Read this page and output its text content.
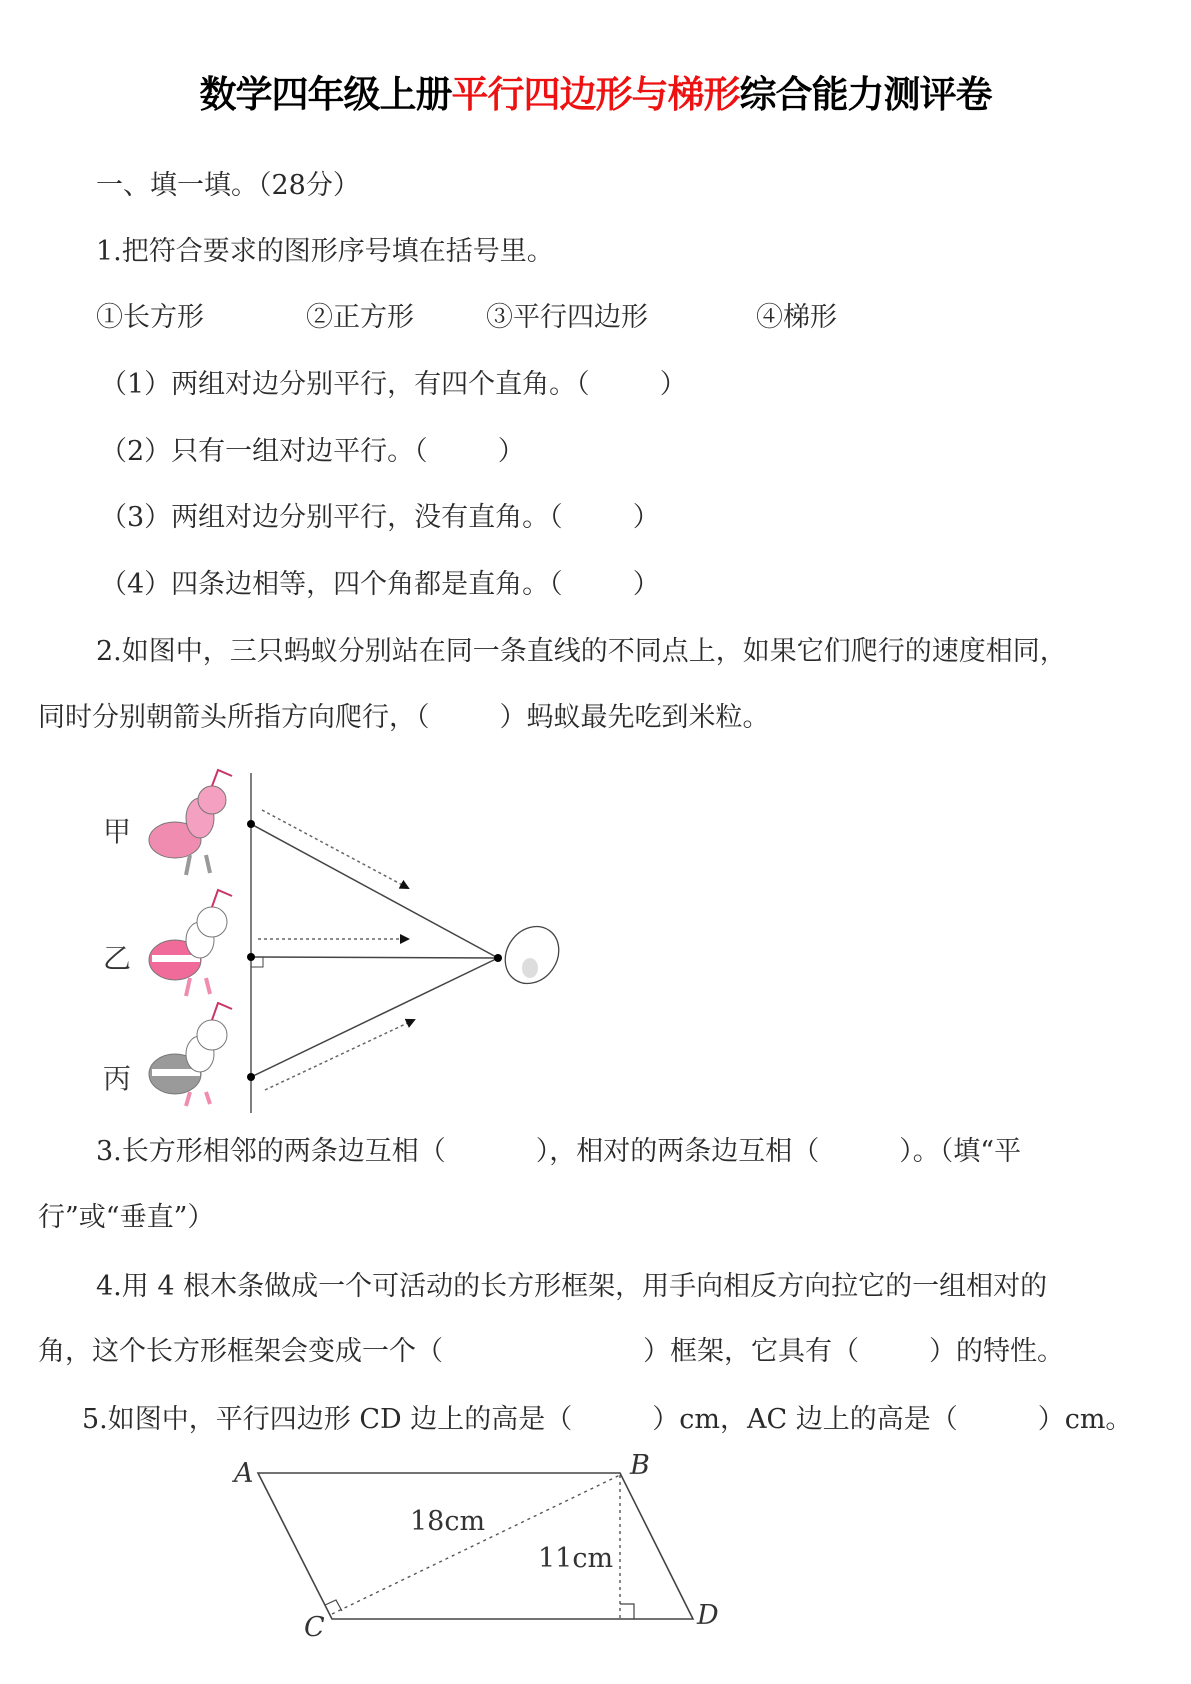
数学四年级上册平行四边形与梯形综合能力测评卷
一、填一填。（28分）
1.把符合要求的图形序号填在括号里。
①长方形	②正方形	③平行四边形	④梯形
（1）两组对边分别平行，有四个直角。（	）
（2）只有一组对边平行。（	）
（3）两组对边分别平行，没有直角。（	）
（4）四条边相等，四个角都是直角。（	）
2.如图中，三只蚂蚁分别站在同一条直线的不同点上，如果它们爬行的速度相同，
同时分别朝箭头所指方向爬行，（	）蚂蚁最先吃到米粒。
甲
乙
丙
3.长方形相邻的两条边互相（	），相对的两条边互相（	）。（填“平
行”或“垂直”）
4.用 4 根木条做成一个可活动的长方形框架，用手向相反方向拉它的一组相对的
角，这个长方形框架会变成一个（	）框架，它具有（	）的特性。
5.如图中，平行四边形 CD 边上的高是（	）cm，AC 边上的高是（	）cm。
A	B
C	D
18cm
11cm
